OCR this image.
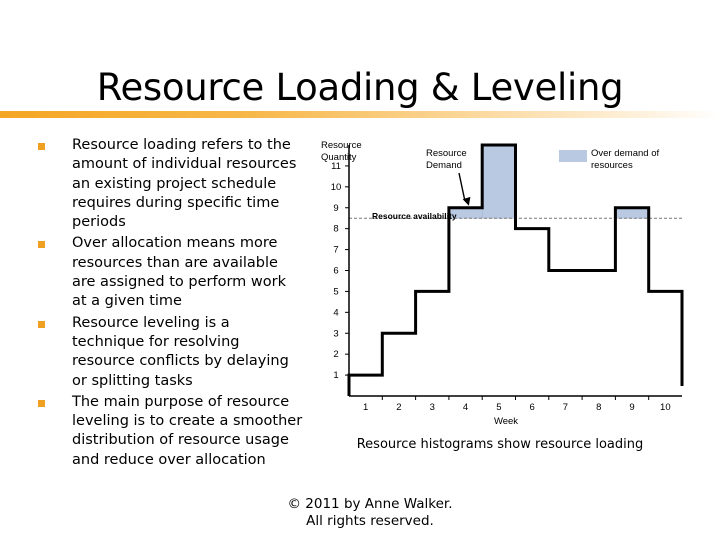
Resource Loading & Leveling
Resource loading refers to the amount of individual resources an existing project schedule requires during specific time periods
Over allocation means more resources than are available are assigned to perform work at a given time
Resource leveling is a technique for resolving resource conflicts by delaying or splitting tasks
The main purpose of resource leveling is to create a smoother distribution of resource usage and reduce over allocation
1
2
3
4
5
6
7
8
9
10
11
1	2	3	4	5	6	7	8	9	10
Resource
Quantity
Week
Resource availability
Resource
Demand
Over demand of
resources
Resource histograms show resource loading
© 2011 by Anne Walker.
All rights reserved.
